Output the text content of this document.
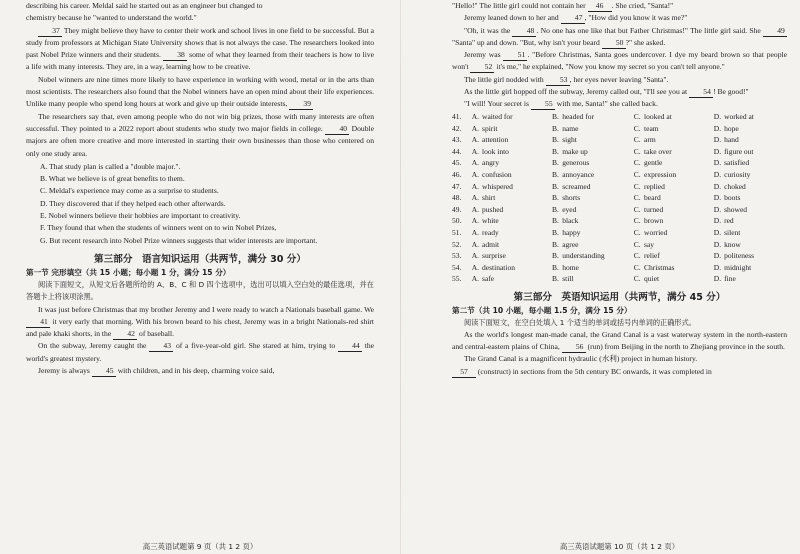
describing his career. Meldal said he started out as an engineer but changed to

chemistry because he "wanted to understand the world."

37 They might believe they have to center their work and school lives in one field to be successful. But a study from professors at Michigan State University shows that is not always the case. The researchers looked into past Nobel Prize winners and their students. 38 some of what they learned from their teachers is how to live a life with many interests. They are, in a way, learning how to be creative.

Nobel winners are nine times more likely to have experience in working with wood, metal or in the arts than most scientists. The researchers also found that the Nobel winners have an open mind about their life experiences. Unlike many people who spend long hours at work and give up their outside interests, 39

The researchers say that, even among people who do not win big prizes, those with many interests are often successful. They pointed to a 2022 report about students who study two major fields in college. 40 Double majors are often more creative and more interested in starting their own businesses than those who centered on only one study area.

A. That study plan is called a "double major.".

B. What we believe is of great benefits to them.

C. Meldal's experience may come as a surprise to students.

D. They discovered that if they helped each other afterwards.

E. Nobel winners believe their hobbies are important to creativity.

F. They found that when the students of winners went on to win Nobel Prizes,

G. But recent research into Nobel Prize winners suggests that wider interests are important.

第三部分　语言知识运用（共两节，满分 30 分）
第一节 完形填空（共 15 小题；每小题 1 分，满分 15 分）

阅读下面短文，从短文后各题所给的 A、B、C 和 D 四个选项中，选出可以填入空白处的最佳选项，并在答题卡上将该项涂黑。

It was just before Christmas that my brother Jeremy and I were ready to watch a Nationals baseball game. We 41 it very early that morning. With his brown beard to his chest, Jeremy was in a bright Nationals-red shirt and pale khaki shorts, in the 42 of baseball.

On the subway, Jeremy caught the 43 of a five-year-old girl. She stared at him, trying to 44 the world's greatest mystery.

Jeremy is always 45 with children, and in his deep, charming voice said,

高三英语试题第 9 页（共 1 2 页）

"Hello!" The little girl could not contain her 46 . She cried, "Santa!"

Jeremy leaned down to her and 47 , "How did you know it was me?"

"Oh, it was the 48 . No one has one like that but Father Christmas!" The little girl said. She 49 "Santa" up and down. "But, why isn't your beard 50 ?" she asked.

Jeremy was 51 . "Before Christmas, Santa goes undercover. I dye my beard brown so that people won't 52 it's me," he explained, "Now you know my secret so you can't tell anyone."

The little girl nodded with 53 , her eyes never leaving "Santa".

As the little girl hopped off the subway, Jeremy called out, "I'll see you at 54 ! Be good!"

"I will! Your secret is 55 with me, Santa!" she called back.

41.	A.	waited for	B.	headed for	C.	looked at	D.	worked at
42.	A.	spirit	B.	name	C.	team	D.	hope
43.	A.	attention	B.	sight	C.	arm	D.	hand
44.	A.	look into	B.	make up	C.	take over	D.	figure out
45.	A.	angry	B.	generous	C.	gentle	D.	satisfied
46.	A.	confusion	B.	annoyance	C.	expression	D.	curiosity
47.	A.	whispered	B.	screamed	C.	replied	D.	choked
48.	A.	shirt	B.	shorts	C.	beard	D.	boots
49.	A.	pushed	B.	eyed	C.	turned	D.	showed
50.	A.	white	B.	black	C.	brown	D.	red
51.	A.	ready	B.	happy	C.	worried	D.	silent
52.	A.	admit	B.	agree	C.	say	D.	know
53.	A.	surprise	B.	understanding	C.	relief	D.	politeness
54.	A.	destination	B.	home	C.	Christmas	D.	midnight
55.	A.	safe	B.	still	C.	quiet	D.	fine
第三部分　英语知识运用（共两节，满分 45 分）
第二节（共 10 小题，每小题 1.5 分，满分 15 分）

阅读下面短文，在空白处填入 1 个适当的单词或括号内单词的正确形式。

As the world's longest man-made canal, the Grand Canal is a vast waterway system in the north-eastern and central-eastern plains of China, 56 (run) from Beijing in the north to Zhejiang province in the south.

The Grand Canal is a magnificent hydraulic (水利) project in human history.

57 (construct) in sections from the 5th century BC onwards, it was completed in

高三英语试题第 10 页（共 1 2 页）
